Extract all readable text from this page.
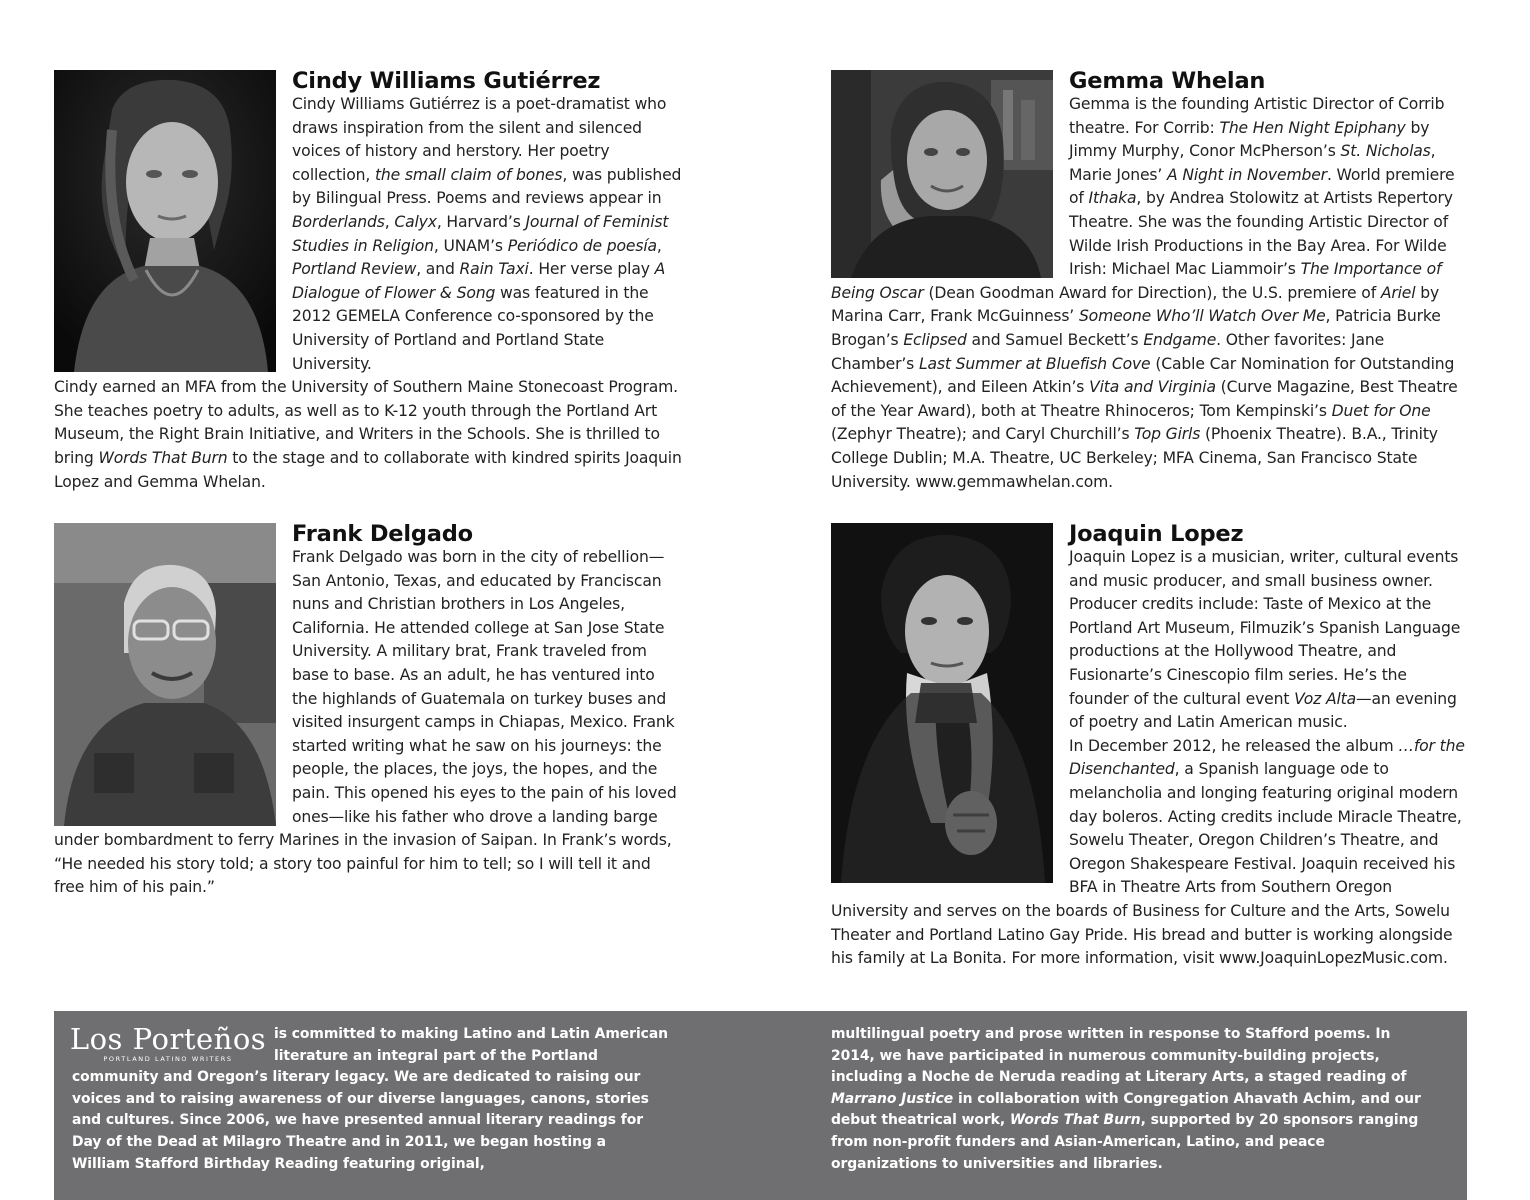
Cindy Williams Gutiérrez

Cindy Williams Gutiérrez is a poet-dramatist who draws inspiration from the silent and silenced voices of history and herstory. Her poetry collection, the small claim of bones, was published by Bilingual Press. Poems and reviews appear in Borderlands, Calyx, Harvard’s Journal of Feminist Studies in Religion, UNAM’s Periódico de poesía, Portland Review, and Rain Taxi. Her verse play A Dialogue of Flower & Song was featured in the 2012 GEMELA Conference co-sponsored by the University of Portland and Portland State University.

Cindy earned an MFA from the University of Southern Maine Stonecoast Program. She teaches poetry to adults, as well as to K-12 youth through the Portland Art Museum, the Right Brain Initiative, and Writers in the Schools. She is thrilled to bring Words That Burn to the stage and to collaborate with kindred spirits Joaquin Lopez and Gemma Whelan.

Gemma Whelan

Gemma is the founding Artistic Director of Corrib theatre. For Corrib: The Hen Night Epiphany by Jimmy Murphy, Conor McPherson’s St. Nicholas, Marie Jones’ A Night in November. World premiere of Ithaka, by Andrea Stolowitz at Artists Repertory Theatre. She was the founding Artistic Director of Wilde Irish Productions in the Bay Area. For Wilde Irish: Michael Mac Liammoir’s The Importance of Being Oscar (Dean Goodman Award for Direction), the U.S. premiere of Ariel by Marina Carr, Frank McGuinness’ Someone Who’ll Watch Over Me, Patricia Burke Brogan’s Eclipsed and Samuel Beckett’s Endgame. Other favorites: Jane Chamber’s Last Summer at Bluefish Cove (Cable Car Nomination for Outstanding Achievement), and Eileen Atkin’s Vita and Virginia (Curve Magazine, Best Theatre of the Year Award), both at Theatre Rhinoceros; Tom Kempinski’s Duet for One (Zephyr Theatre); and Caryl Churchill’s Top Girls (Phoenix Theatre). B.A., Trinity College Dublin; M.A. Theatre, UC Berkeley; MFA Cinema, San Francisco State University. www.gemmawhelan.com.

Frank Delgado

Frank Delgado was born in the city of rebellion—San Antonio, Texas, and educated by Franciscan nuns and Christian brothers in Los Angeles, California. He attended college at San Jose State University. A military brat, Frank traveled from base to base. As an adult, he has ventured into the highlands of Guatemala on turkey buses and visited insurgent camps in Chiapas, Mexico. Frank started writing what he saw on his journeys: the people, the places, the joys, the hopes, and the pain. This opened his eyes to the pain of his loved ones—like his father who drove a landing barge under bombardment to ferry Marines in the invasion of Saipan. In Frank’s words, “He needed his story told; a story too painful for him to tell; so I will tell it and free him of his pain.”

Joaquin Lopez

Joaquin Lopez is a musician, writer, cultural events and music producer, and small business owner. Producer credits include: Taste of Mexico at the Portland Art Museum, Filmuzik’s Spanish Language productions at the Hollywood Theatre, and Fusionarte’s Cinescopio film series. He’s the founder of the cultural event Voz Alta—an evening of poetry and Latin American music.

In December 2012, he released the album …for the Disenchanted, a Spanish language ode to melancholia and longing featuring original modern day boleros. Acting credits include Miracle Theatre, Sowelu Theater, Oregon Children’s Theatre, and Oregon Shakespeare Festival. Joaquin received his BFA in Theatre Arts from Southern Oregon University and serves on the boards of Business for Culture and the Arts, Sowelu Theater and Portland Latino Gay Pride. His bread and butter is working alongside his family at La Bonita. For more information, visit www.JoaquinLopezMusic.com.

Los Porteños
PORTLAND LATINO WRITERS
is committed to making Latino and Latin American literature an integral part of the Portland community and Oregon’s literary legacy. We are dedicated to raising our voices and to raising awareness of our diverse languages, canons, stories and cultures. Since 2006, we have presented annual literary readings for Day of the Dead at Milagro Theatre and in 2011, we began hosting a William Stafford Birthday Reading featuring original,
multilingual poetry and prose written in response to Stafford poems. In 2014, we have participated in numerous community-building projects, including a Noche de Neruda reading at Literary Arts, a staged reading of Marrano Justice in collaboration with Congregation Ahavath Achim, and our debut theatrical work, Words That Burn, supported by 20 sponsors ranging from non-profit funders and Asian-American, Latino, and peace organizations to universities and libraries.
